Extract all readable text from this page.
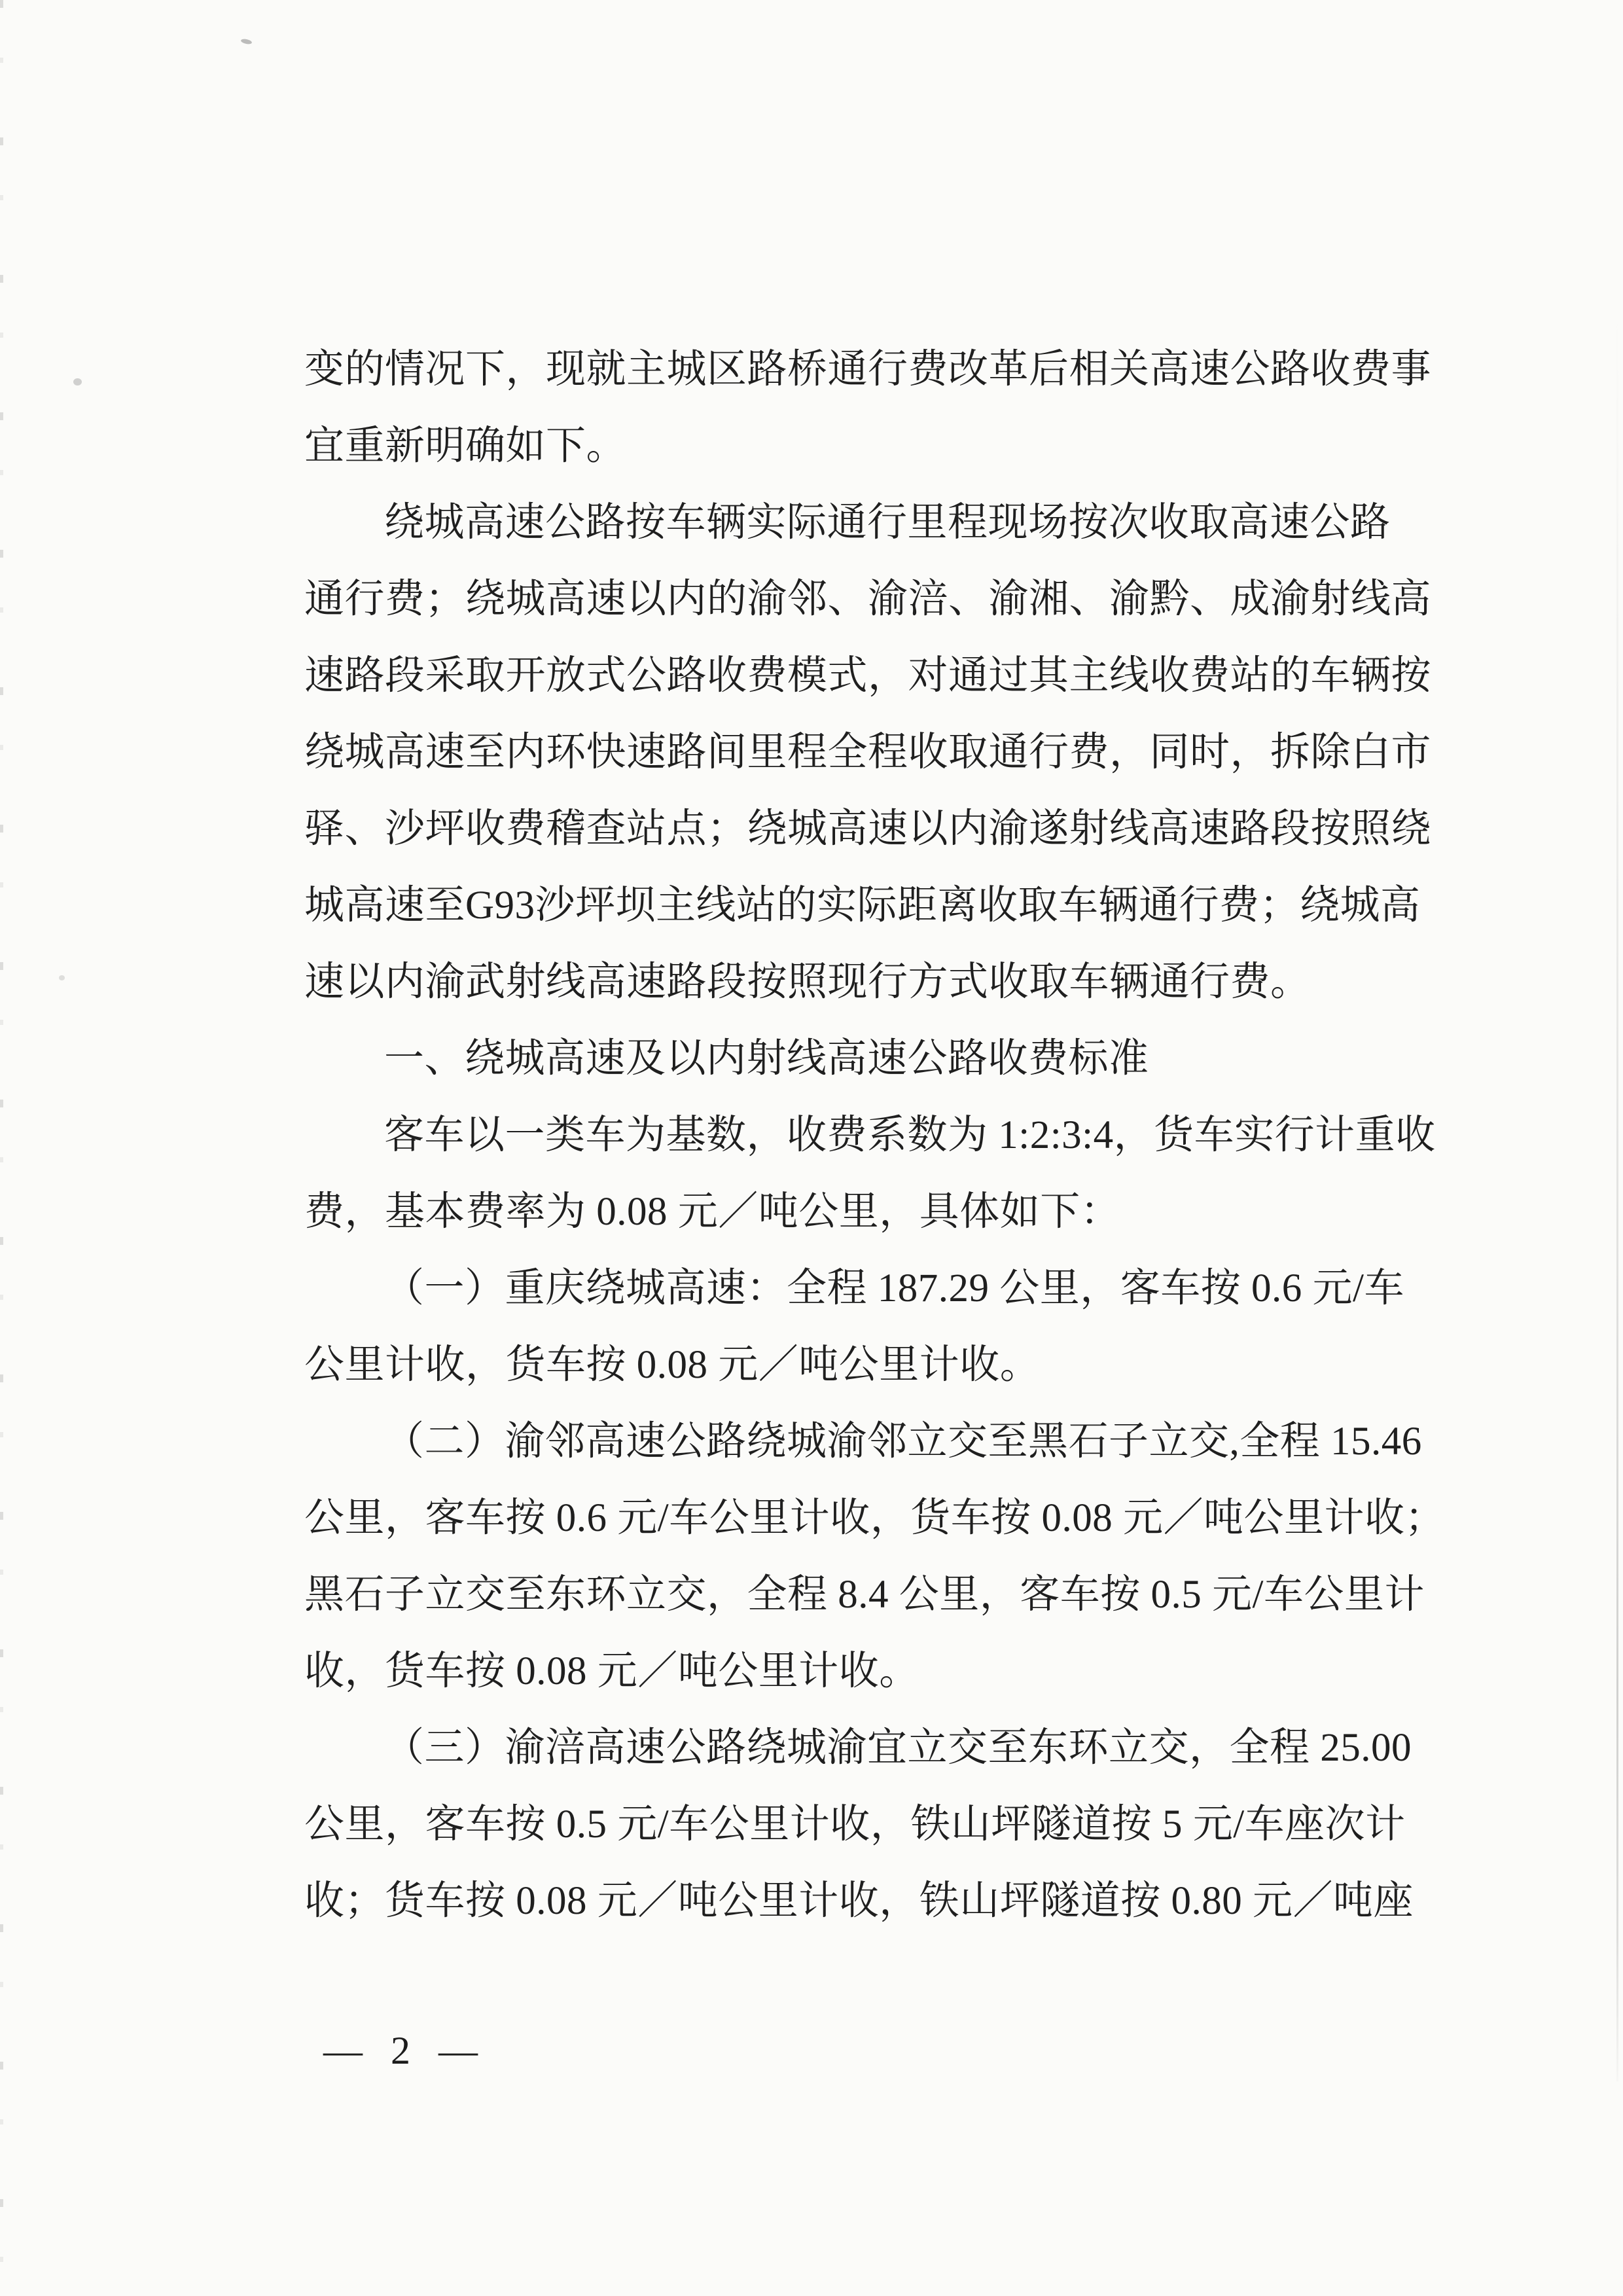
变的情况下，现就主城区路桥通行费改革后相关高速公路收费事
宜重新明确如下。
绕城高速公路按车辆实际通行里程现场按次收取高速公路
通行费；绕城高速以内的渝邻、渝涪、渝湘、渝黔、成渝射线高
速路段采取开放式公路收费模式，对通过其主线收费站的车辆按
绕城高速至内环快速路间里程全程收取通行费，同时，拆除白市
驿、沙坪收费稽查站点；绕城高速以内渝遂射线高速路段按照绕
城高速至G93沙坪坝主线站的实际距离收取车辆通行费；绕城高
速以内渝武射线高速路段按照现行方式收取车辆通行费。
一、绕城高速及以内射线高速公路收费标准
客车以一类车为基数，收费系数为 1:2:3:4，货车实行计重收
费，基本费率为 0.08 元／吨公里，具体如下：
（一）重庆绕城高速：全程 187.29 公里，客车按 0.6 元/车
公里计收，货车按 0.08 元／吨公里计收。
（二）渝邻高速公路绕城渝邻立交至黑石子立交,全程 15.46
公里，客车按 0.6 元/车公里计收，货车按 0.08 元／吨公里计收；
黑石子立交至东环立交，全程 8.4 公里，客车按 0.5 元/车公里计
收，货车按 0.08 元／吨公里计收。
（三）渝涪高速公路绕城渝宜立交至东环立交，全程 25.00
公里，客车按 0.5 元/车公里计收，铁山坪隧道按 5 元/车座次计
收；货车按 0.08 元／吨公里计收，铁山坪隧道按 0.80 元／吨座
— 2 —
